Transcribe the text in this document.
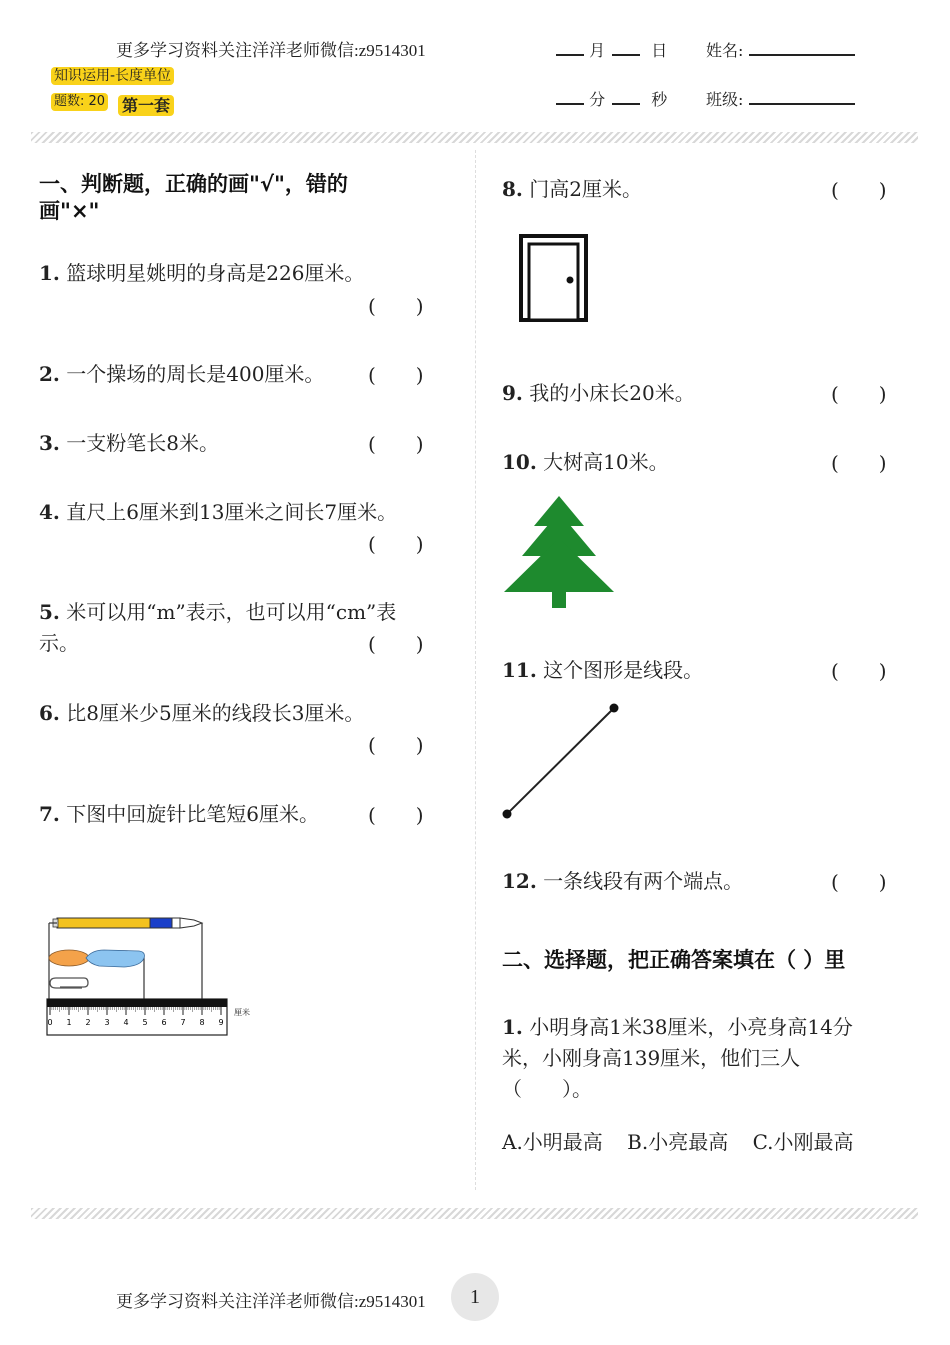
更多学习资料关注洋洋老师微信:z9514301
知识运用-长度单位
题数: 20 第一套
月	日
分	秒
姓名:
班级:
一、判断题，正确的画"√"，错的
画"×"
1. 篮球明星姚明的身高是226厘米。
(　　)
2. 一个操场的周长是400厘米。 (　　)
3. 一支粉笔长8米。	(　　)
4. 直尺上6厘米到13厘米之间长7厘米。
(　　)
5. 米可以用“m”表示，也可以用“cm”表
示。	(　　)
6. 比8厘米少5厘米的线段长3厘米。
(　　)
7. 下图中回旋针比笔短6厘米。 (　　)
0 1 2 3 4 5 6 7 8 9
厘米
8. 门高2厘米。	(　　)
9. 我的小床长20米。	(　　)
10. 大树高10米。	(　　)
11. 这个图形是线段。	(　　)
12. 一条线段有两个端点。	(　　)
二、选择题，把正确答案填在（ ）里
1. 小明身高1米38厘米，小亮身高14分
米，小刚身高139厘米，他们三人
（　　）。
A.小明最高 B.小亮最高 C.小刚最高
1
更多学习资料关注洋洋老师微信:z9514301
